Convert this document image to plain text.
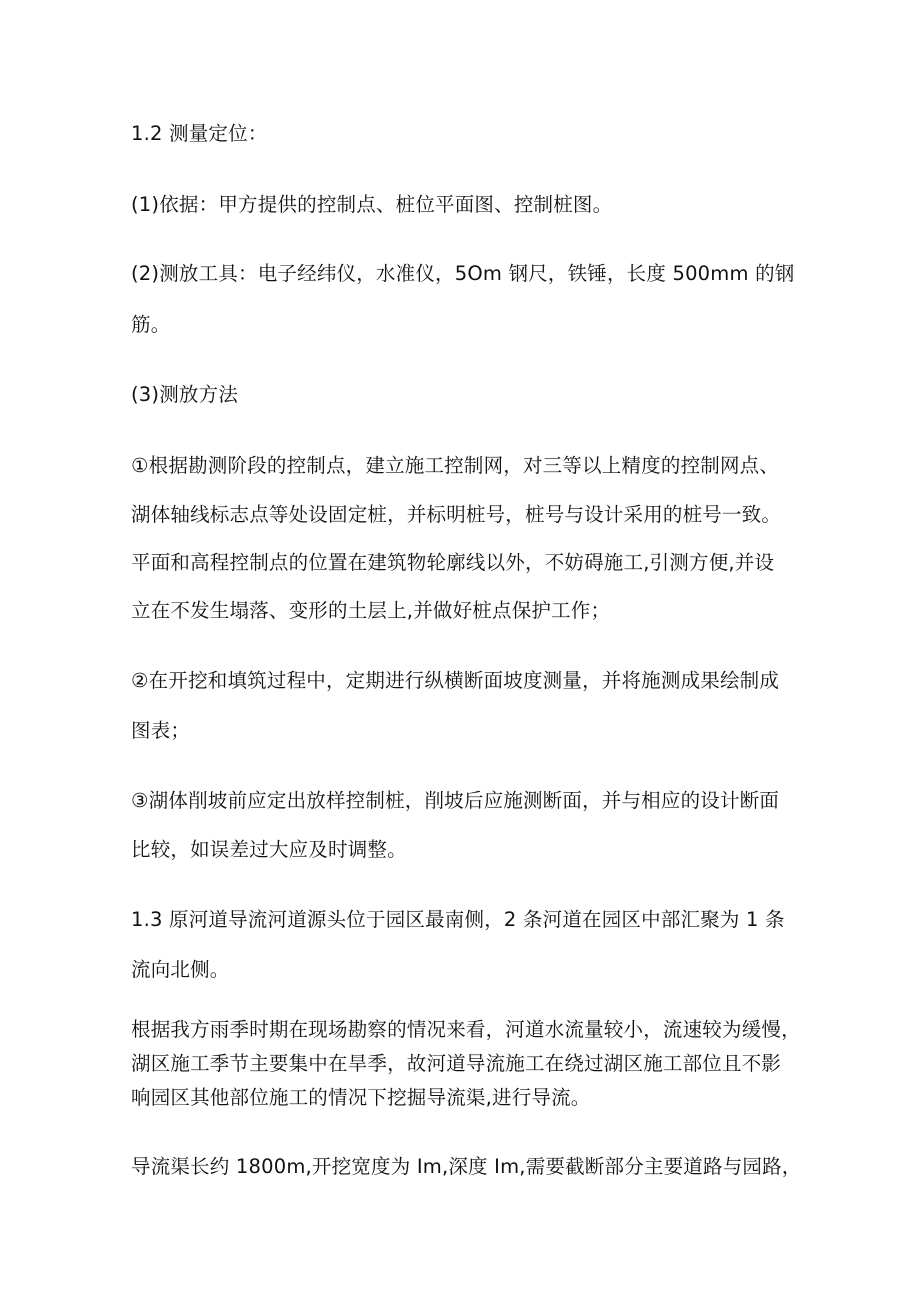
1.2 测量定位：

(1)依据：甲方提供的控制点、桩位平面图、控制桩图。

(2)测放工具：电子经纬仪，水准仪，5Om 钢尺，铁锤，长度 500mm 的钢

筋。

(3)测放方法

①根据勘测阶段的控制点，建立施工控制网，对三等以上精度的控制网点、

湖体轴线标志点等处设固定桩，并标明桩号，桩号与设计采用的桩号一致。

平面和高程控制点的位置在建筑物轮廓线以外，不妨碍施工,引测方便,并设

立在不发生塌落、变形的土层上,并做好桩点保护工作；

②在开挖和填筑过程中，定期进行纵横断面坡度测量，并将施测成果绘制成

图表；

③湖体削坡前应定出放样控制桩，削坡后应施测断面，并与相应的设计断面

比较，如误差过大应及时调整。

1.3 原河道导流河道源头位于园区最南侧，2 条河道在园区中部汇聚为 1 条

流向北侧。

根据我方雨季时期在现场勘察的情况来看，河道水流量较小，流速较为缓慢，

湖区施工季节主要集中在旱季，故河道导流施工在绕过湖区施工部位且不影

响园区其他部位施工的情况下挖掘导流渠,进行导流。

导流渠长约 1800m,开挖宽度为 Im,深度 Im,需要截断部分主要道路与园路，
